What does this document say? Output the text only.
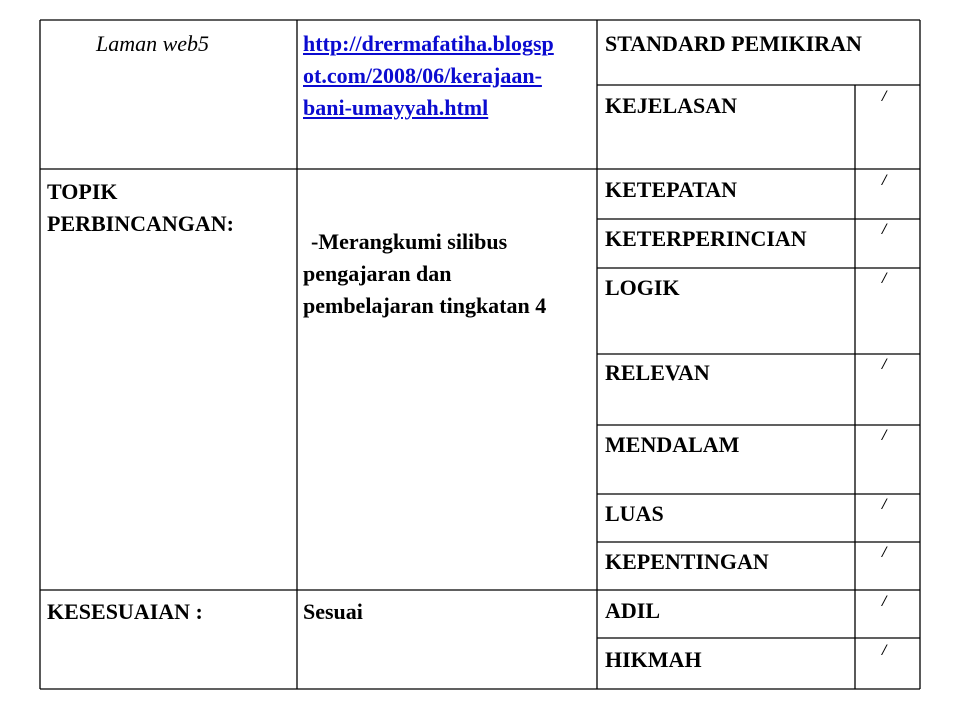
Laman web5	http://drermafatiha.blogsp
ot.com/2008/06/kerajaan-
bani-umayyah.html
STANDARD PEMIKIRAN
TOPIK
PERBINCANGAN:
-Merangkumi silibus
pengajaran dan
pembelajaran tingkatan 4
KESESUAIAN :	Sesuai
KEJELASAN
KETEPATAN
KETERPERINCIAN
LOGIK
RELEVAN
MENDALAM
LUAS
KEPENTINGAN
ADIL
HIKMAH
/
/
/
/
/
/
/
/
/
/
